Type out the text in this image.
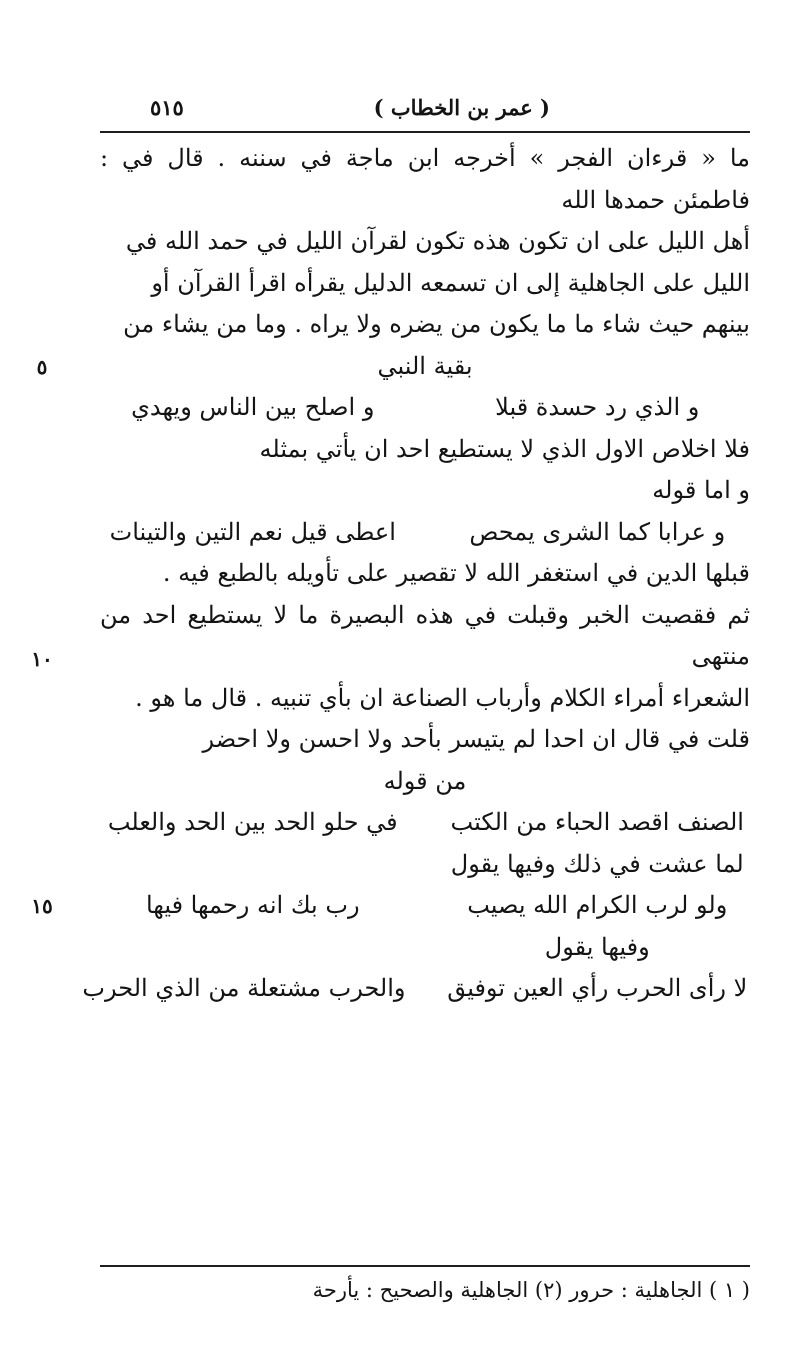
( عمر بن الخطاب )
٥١٥

ما « قرءان الفجر » أخرجه ابن ماجة في سننه . قال في : فاطمئن حمدها الله

أهل الليل على ان تكون هذه تكون لقرآن الليل في حمد الله في

الليل على الجاهلية إلى ان تسمعه الدليل يقرأه اقرأ القرآن أو

بينهم حيث شاء ما ما يكون من يضره ولا يراه . وما من يشاء من

بقية النبي

و الذي رد حسدة قبلا
و اصلح بين الناس ويهدي

فلا اخلاص الاول الذي لا يستطيع احد ان يأتي بمثله

و اما قوله

و عرابا كما الشرى يمحص
اعطى قيل نعم التين والتينات

قبلها الدين في استغفر الله لا تقصير على تأويله بالطبع فيه .

ثم فقصيت الخبر وقبلت في هذه البصيرة ما لا يستطيع احد من منتهى

الشعراء أمراء الكلام وأرباب الصناعة ان بأي تنبيه . قال ما هو .

قلت في قال ان احدا لم يتيسر بأحد ولا احسن ولا احضر

من قوله

الصنف اقصد الحباء من الكتب
في حلو الحد بين الحد والعلب
لما عشت في ذلك وفيها يقول
ولو لرب الكرام الله يصيب
رب بك انه رحمها فيها
وفيها يقول
لا رأى الحرب رأي العين توفيق
والحرب مشتعلة من الذي الحرب
٥
١٠
١٥
( ١ ) الجاهلية : حرور (٢) الجاهلية والصحيح : يأرحة
